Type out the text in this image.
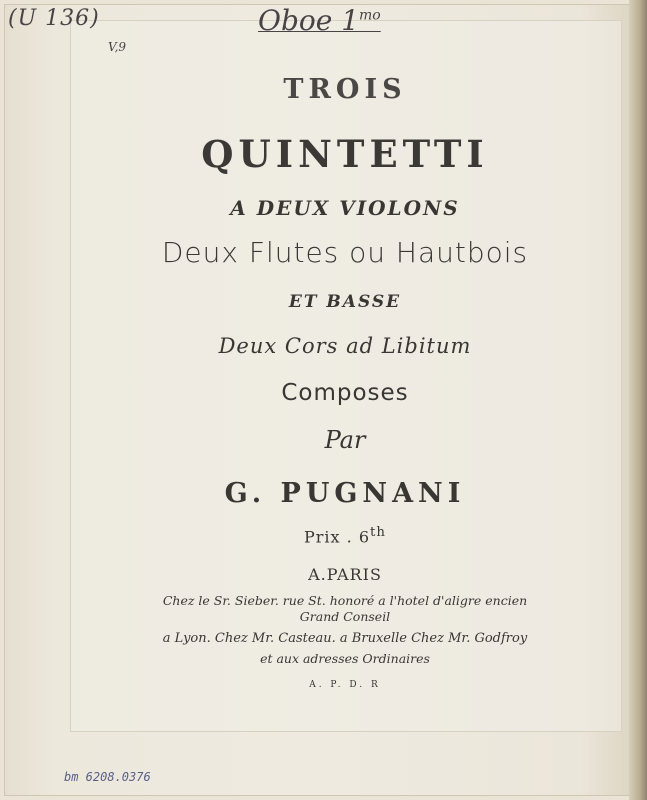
(U 136)
V,9
Oboe $1^{mo}$
TROIS
QUINTETTI
A DEUX VIOLONS
Deux Flutes ou Hautbois
ET BASSE
Deux Cors ad Libitum
Composes
Par
G. PUGNANI
Prix . 6th
A.PARIS
Chez le Sr. Sieber. rue St. honoré a l'hotel d'aligre encien
Grand Conseil
a Lyon. Chez Mr. Casteau. a Bruxelle Chez Mr. Godfroy
et aux adresses Ordinaires
A. P. D. R
bm 6208.0376
